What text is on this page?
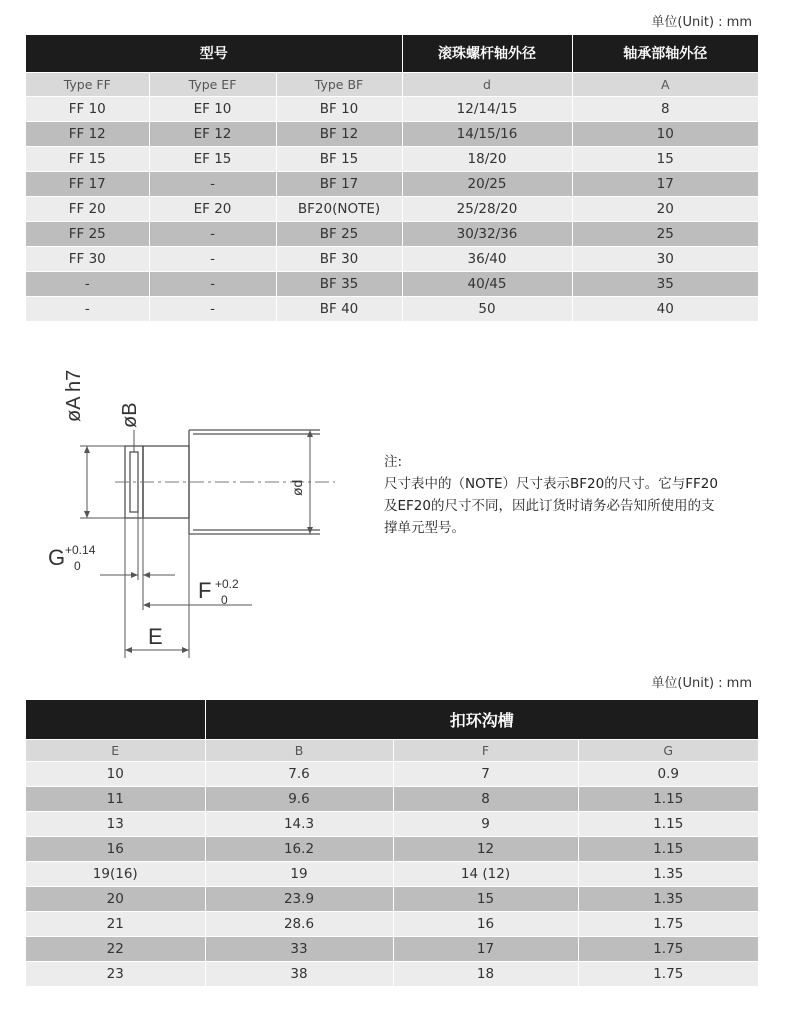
单位(Unit) : mm
型号			滚珠螺杆轴外径	轴承部轴外径
Type FF	Type EF	Type BF	d	A
FF 10	EF 10	BF 10	12/14/15	8
FF 12	EF 12	BF 12	14/15/16	10
FF 15	EF 15	BF 15	18/20	15
FF 17	-	BF 17	20/25	17
FF 20	EF 20	BF20(NOTE)	25/28/20	20
FF 25	-	BF 25	30/32/36	25
FF 30	-	BF 30	36/40	30
-	-	BF 35	40/45	35
-	-	BF 40	50	40
øA h7 øB
ød
G +0.14
0
F +0.2
0
E
注:
尺寸表中的（NOTE）尺寸表示BF20的尺寸。它与FF20
及EF20的尺寸不同，因此订货时请务必告知所使用的支
撑单元型号。
单位(Unit) : mm
	扣环沟槽		
E	B	F	G
10	7.6	7	0.9
11	9.6	8	1.15
13	14.3	9	1.15
16	16.2	12	1.15
19(16)	19	14 (12)	1.35
20	23.9	15	1.35
21	28.6	16	1.75
22	33	17	1.75
23	38	18	1.75
